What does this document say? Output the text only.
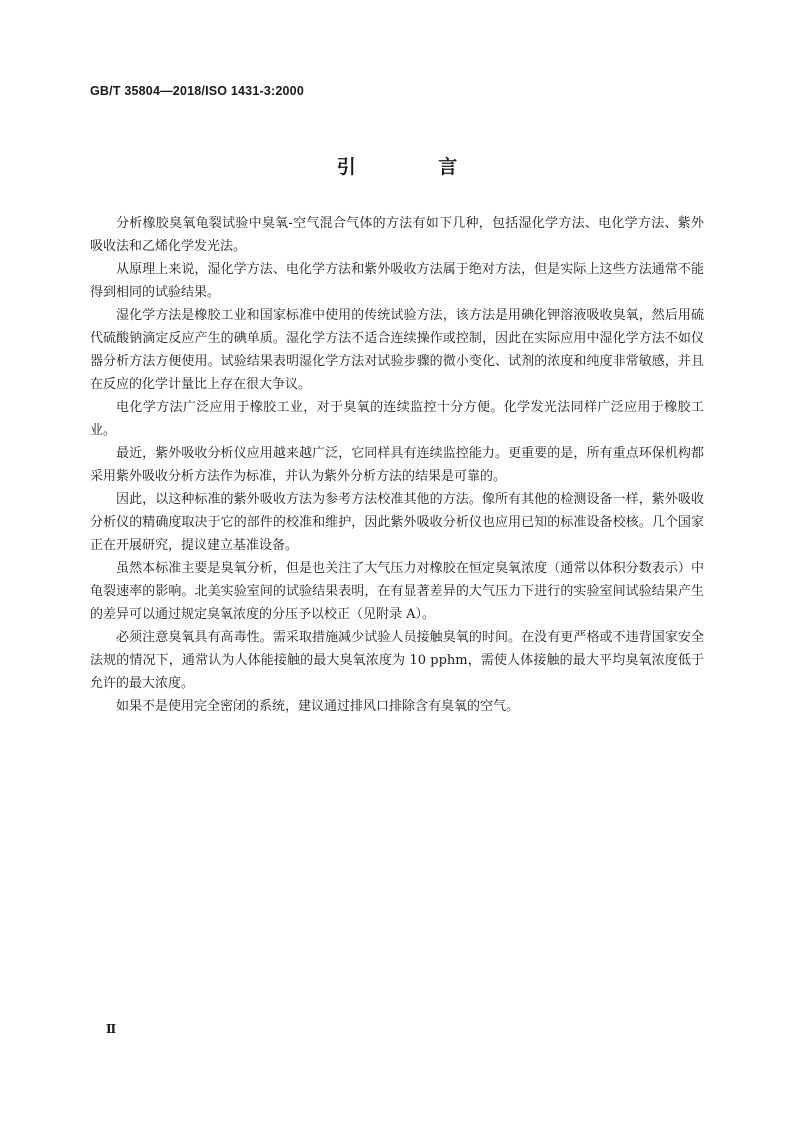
GB/T 35804—2018/ISO 1431-3:2000
引 言

分析橡胶臭氧龟裂试验中臭氧-空气混合气体的方法有如下几种，包括湿化学方法、电化学方法、紫外吸收法和乙烯化学发光法。

从原理上来说，湿化学方法、电化学方法和紫外吸收方法属于绝对方法，但是实际上这些方法通常不能得到相同的试验结果。

湿化学方法是橡胶工业和国家标准中使用的传统试验方法，该方法是用碘化钾溶液吸收臭氧，然后用硫代硫酸钠滴定反应产生的碘单质。湿化学方法不适合连续操作或控制，因此在实际应用中湿化学方法不如仪器分析方法方便使用。试验结果表明湿化学方法对试验步骤的微小变化、试剂的浓度和纯度非常敏感，并且在反应的化学计量比上存在很大争议。

电化学方法广泛应用于橡胶工业，对于臭氧的连续监控十分方便。化学发光法同样广泛应用于橡胶工业。

最近，紫外吸收分析仪应用越来越广泛，它同样具有连续监控能力。更重要的是，所有重点环保机构都采用紫外吸收分析方法作为标准，并认为紫外分析方法的结果是可靠的。

因此，以这种标准的紫外吸收方法为参考方法校准其他的方法。像所有其他的检测设备一样，紫外吸收分析仪的精确度取决于它的部件的校准和维护，因此紫外吸收分析仪也应用已知的标准设备校核。几个国家正在开展研究，提议建立基准设备。

虽然本标准主要是臭氧分析，但是也关注了大气压力对橡胶在恒定臭氧浓度（通常以体积分数表示）中龟裂速率的影响。北美实验室间的试验结果表明，在有显著差异的大气压力下进行的实验室间试验结果产生的差异可以通过规定臭氧浓度的分压予以校正（见附录 A）。

必须注意臭氧具有高毒性。需采取措施减少试验人员接触臭氧的时间。在没有更严格或不违背国家安全法规的情况下，通常认为人体能接触的最大臭氧浓度为 10 pphm，需使人体接触的最大平均臭氧浓度低于允许的最大浓度。

如果不是使用完全密闭的系统，建议通过排风口排除含有臭氧的空气。

Ⅱ
